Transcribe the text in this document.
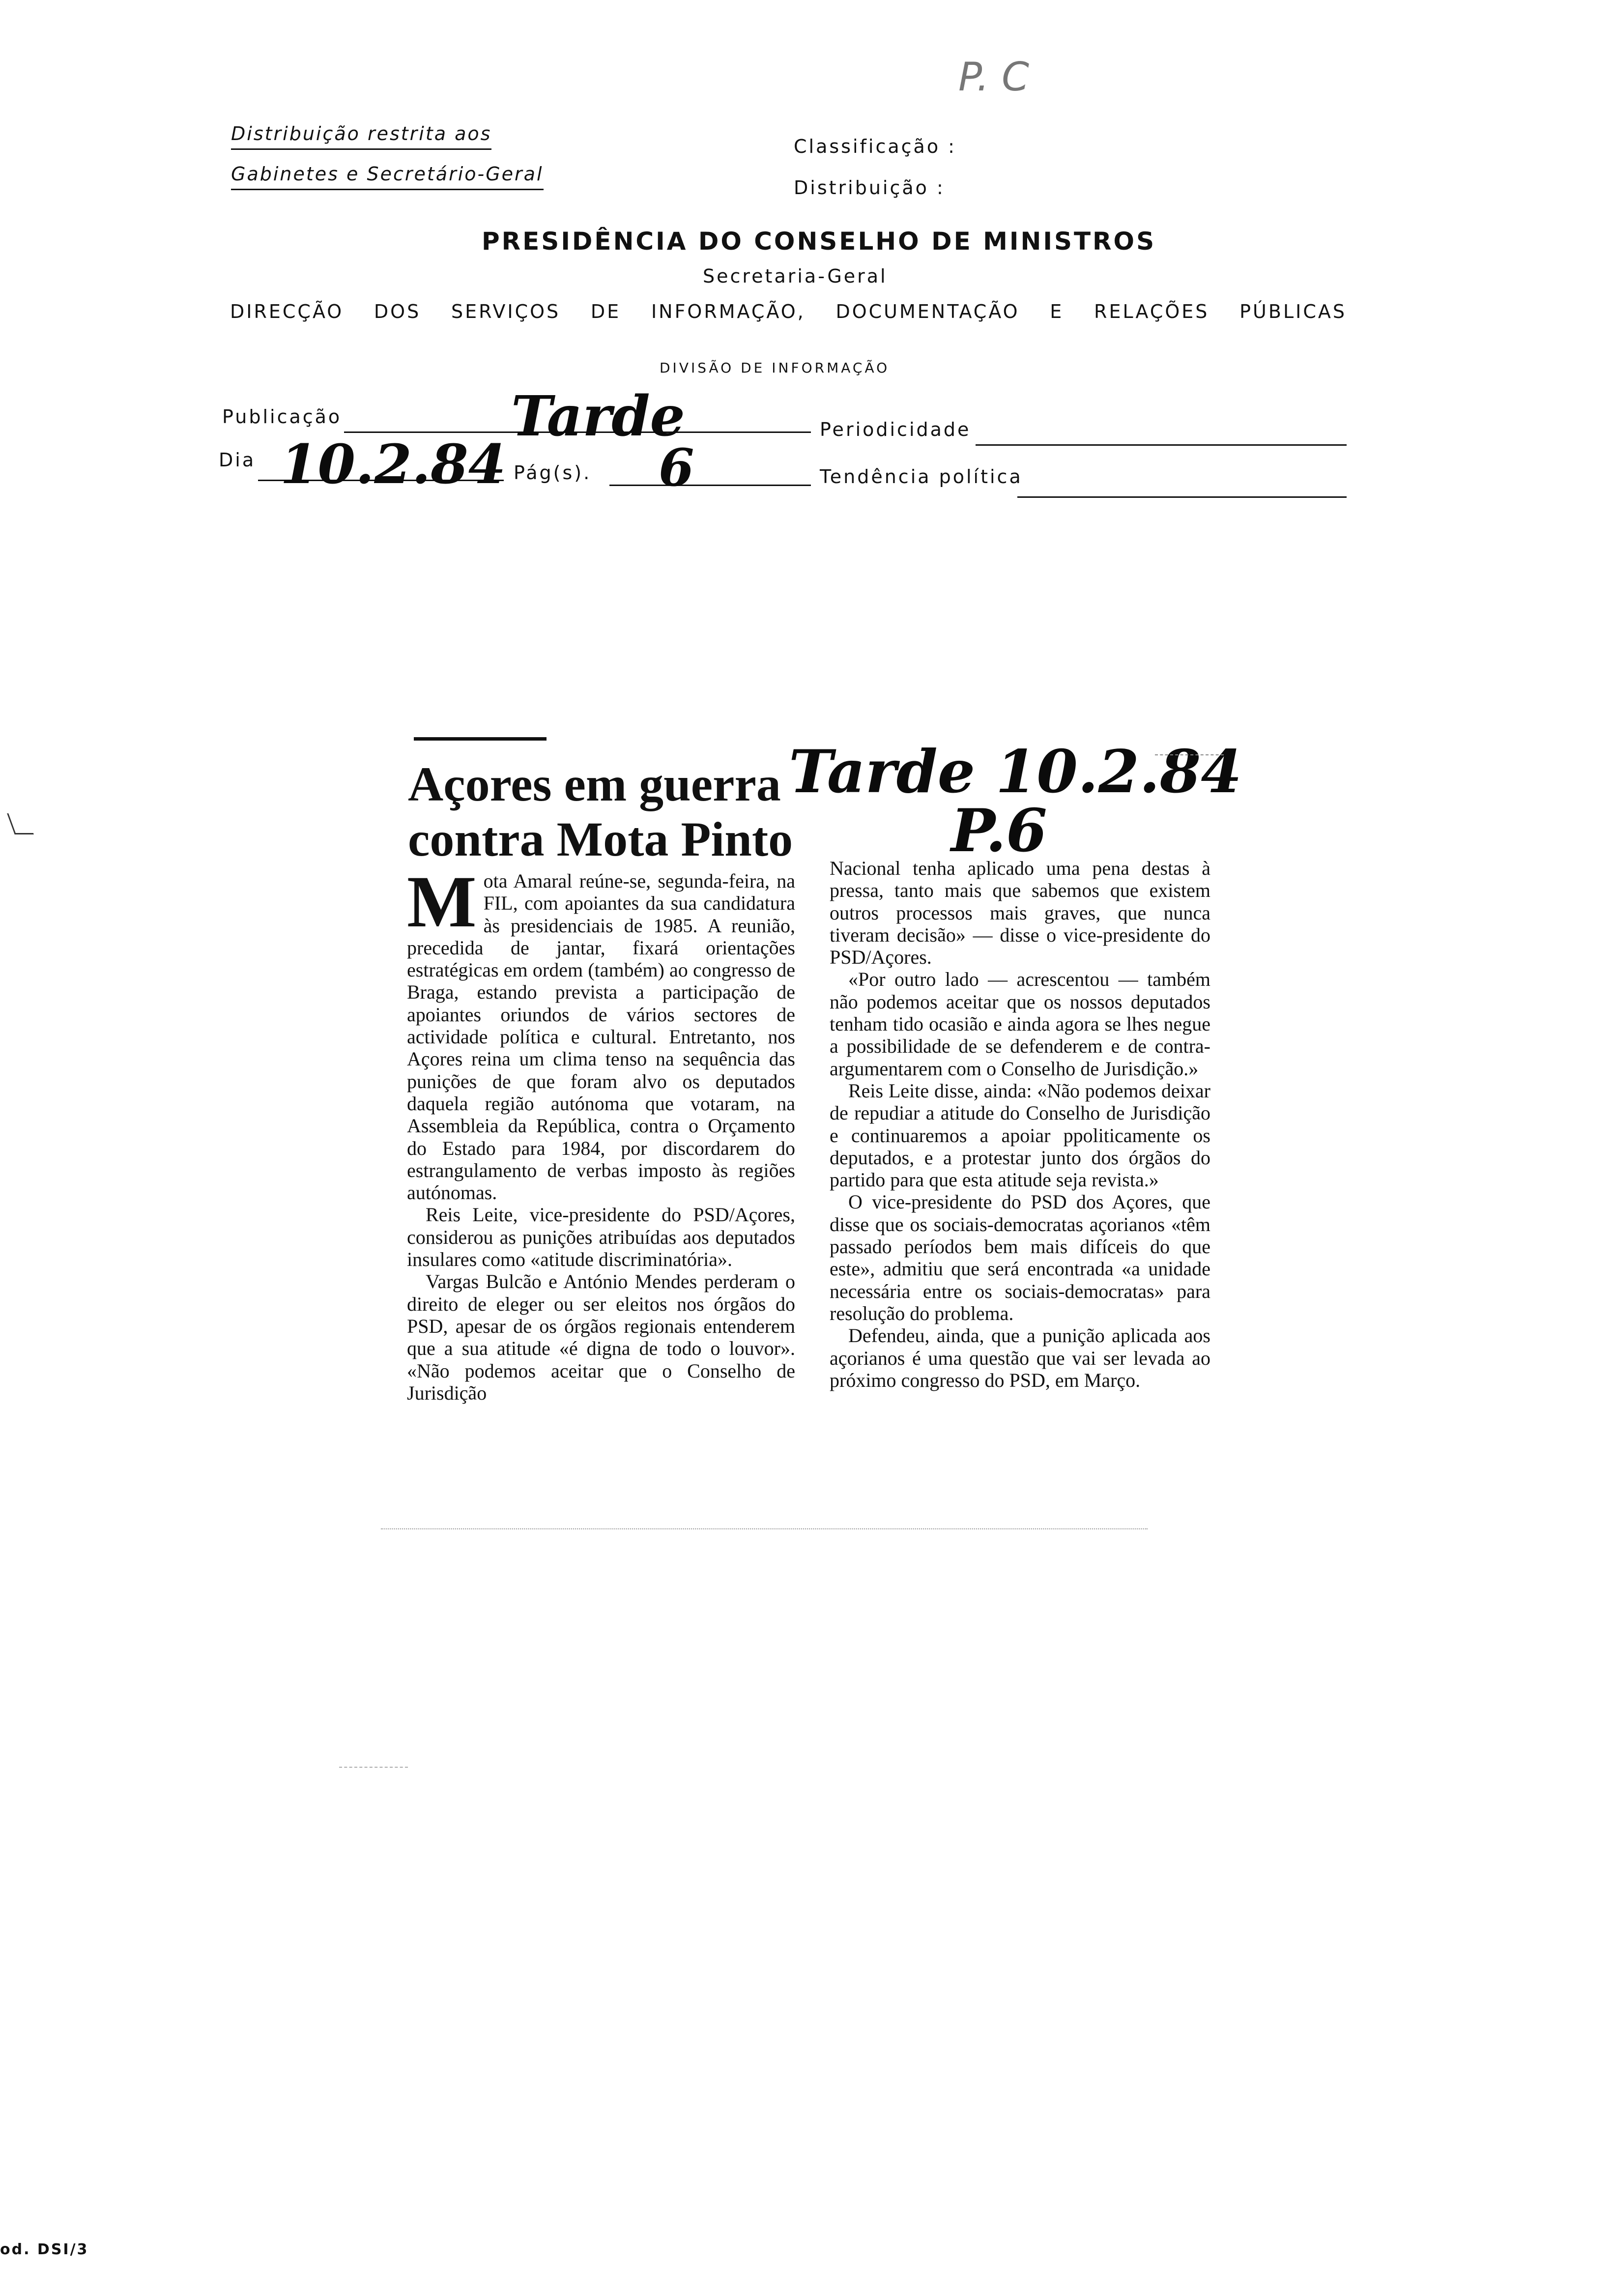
Distribuição restrita aos
Gabinetes e Secretário-Geral
Classificação :
Distribuição :
P. C
PRESIDÊNCIA DO CONSELHO DE MINISTROS
Secretaria-Geral
DIRECÇÃO DOS SERVIÇOS DE INFORMAÇÃO, DOCUMENTAÇÃO E RELAÇÕES PÚBLICAS
DIVISÃO DE INFORMAÇÃO
Publicação	Tarde	Periodicidade
Dia 10.2.84 Pág(s). 6	Tendência política
Açores em guerra
contra Mota Pinto
Tarde 10.2.84
P.6

Mota Amaral reúne-se, segunda-feira, na FIL, com apoiantes da sua candidatura às presidenciais de 1985. A reunião, precedida de jantar, fixará orientações estratégicas em ordem (também) ao congresso de Braga, estando prevista a participação de apoiantes oriundos de vários sectores de actividade política e cultural. Entretanto, nos Açores reina um clima tenso na sequência das punições de que foram alvo os deputados daquela região autónoma que votaram, na Assembleia da República, contra o Orçamento do Estado para 1984, por discordarem do estrangulamento de verbas imposto às regiões autónomas.

Reis Leite, vice-presidente do PSD/Açores, considerou as punições atribuídas aos deputados insulares como «atitude discriminatória».

Vargas Bulcão e António Mendes perderam o direito de eleger ou ser eleitos nos órgãos do PSD, apesar de os órgãos regionais entenderem que a sua atitude «é digna de todo o louvor». «Não podemos aceitar que o Conselho de Jurisdição

Nacional tenha aplicado uma pena destas à pressa, tanto mais que sabemos que existem outros processos mais graves, que nunca tiveram decisão» — disse o vice-presidente do PSD/Açores.

«Por outro lado — acrescentou — também não podemos aceitar que os nossos deputados tenham tido ocasião e ainda agora se lhes negue a possibilidade de se defenderem e de contra-argumentarem com o Conselho de Jurisdição.»

Reis Leite disse, ainda: «Não podemos deixar de repudiar a atitude do Conselho de Jurisdição e continuaremos a apoiar ppoliticamente os deputados, e a protestar junto dos órgãos do partido para que esta atitude seja revista.»

O vice-presidente do PSD dos Açores, que disse que os sociais-democratas açorianos «têm passado períodos bem mais difíceis do que este», admitiu que será encontrada «a unidade necessária entre os sociais-democratas» para resolução do problema.

Defendeu, ainda, que a punição aplicada aos açorianos é uma questão que vai ser levada ao próximo congresso do PSD, em Março.

od. DSI/3
